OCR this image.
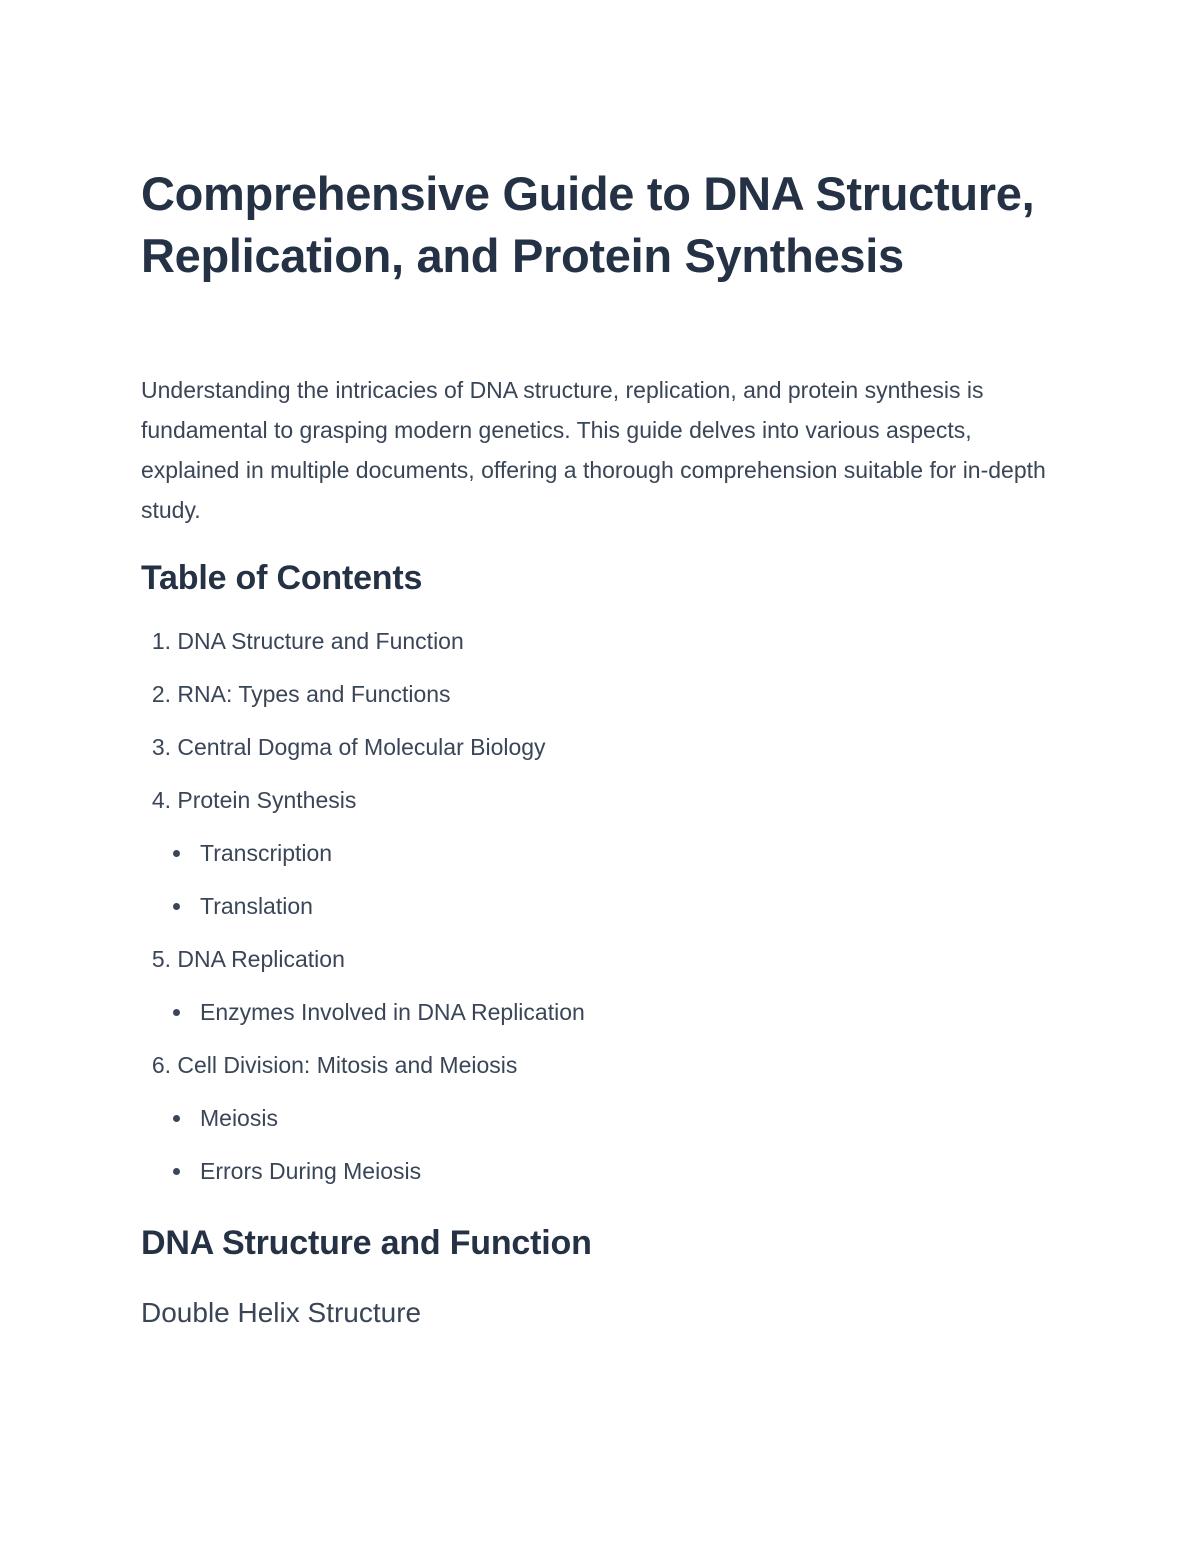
Comprehensive Guide to DNA Structure, Replication, and Protein Synthesis

Understanding the intricacies of DNA structure, replication, and protein synthesis is fundamental to grasping modern genetics. This guide delves into various aspects, explained in multiple documents, offering a thorough comprehension suitable for in-depth study.

Table of Contents
1. DNA Structure and Function
2. RNA: Types and Functions
3. Central Dogma of Molecular Biology
4. Protein Synthesis
Transcription
Translation
5. DNA Replication
Enzymes Involved in DNA Replication
6. Cell Division: Mitosis and Meiosis
Meiosis
Errors During Meiosis
DNA Structure and Function
Double Helix Structure
